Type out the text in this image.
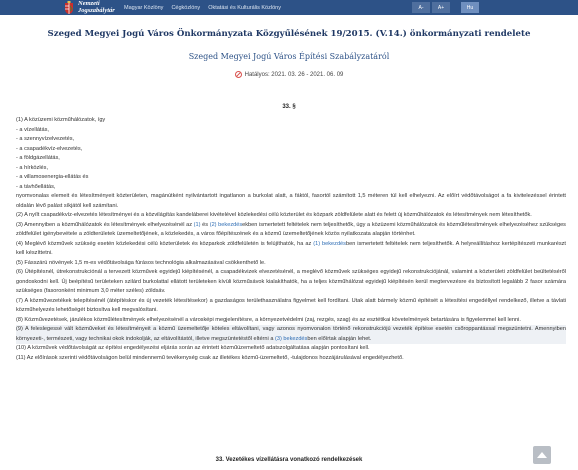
Nemzeti
Jogszabálytár Magyar Közlöny Cégközlöny Oktatási és Kulturális Közlöny	A-	A+	Hu
Szeged Megyei Jogú Város Önkormányzata Közgyűlésének 19/2015. (V.14.) önkormányzati rendelete
Szeged Megyei Jogú Város Építési Szabályzatáról
Hatályos: 2021. 03. 26 - 2021. 06. 09
33. §
(1) A közüzemi közműhálózatok, így
- a vízellátás,
- a szennyvízelvezetés,
- a csapadékvíz-elvezetés,
- a földgázellátás,
- a hírközlés,
- a villamosenergia-ellátás és
- a távhőellátás,
nyomvonalas elemeit és létesítményeit közterületen, magánútként nyilvántartott ingatlanon a burkolat alatt, a fáktól, fasortól számított 1,5 méteren túl kell elhelyezni. Az előírt védőtávolságot a fa kivitelezéssel érintett oldalán lévő palást síkjától kell számítani.
(2) A nyílt csapadékvíz-elvezetés létesítményei és a közvilágítás kandeláberei kivételével közlekedési célú közterület és közpark zöldfelülete alatt és felett új közműhálózatok és létesítmények nem létesíthetők.
(3) Amennyiben a közműhálózatok és létesítmények elhelyezésénél az (1) és (2) bekezdésekben ismertetett feltételek nem teljesíthetők, úgy a közüzemi közműhálózatok és közműlétesítmények elhelyezéséhez szükséges zöldfelület igénybevétele a zöldterületek üzemeltetőjének, a közlekedés, a város főépítészének és a közmű üzemeltetőjének közös nyilatkozata alapján történhet.
(4) Meglévő közművek szükség esetén közlekedési célú közterületek és közparkok zöldfelületén is felújíthatók, ha az (1) bekezdésben ismertetett feltételek nem teljesíthetők. A helyreállításhoz kertépítészeti munkarészt kell készíttetni.
(5) Fásszárú növények 1,5 m-es védőtávolsága fúrásos technológia alkalmazásával csökkenthető le.
(6) Útépítésnél, útrekonstrukciónál a tervezett közművek egyidejű kiépítésénél, a csapadékvizek elvezetésénél, a meglévő közművek szükséges egyidejű rekonstrukciójánál, valamint a közterületi zöldfelület beültetéséről gondoskodni kell. Új beépítésű területeken szilárd burkolattal ellátott területeken kívüli közműsávok kialakíthatók, ha a teljes közműhálózat egyidejű kiépítésén kerül megtervezésre és biztosított legalább 2 fasor számára szükséges (fasoronként minimum 3,0 méter széles) zöldsáv.
(7) A közművezetékek telepítésénél (átépítéskor és új vezeték létesítésekor) a gazdaságos területhasználatra figyelmet kell fordítani. Utak alatt bármely közmű építését a létesítési engedéllyel rendelkező, illetve a távlati közműhelyezés lehetőségét biztosítva kell megvalósítani.
(8) Közművezetések, járulékos közműlétesítmények elhelyezésénél a városképi megjelenítésre, a környezetvédelmi (zaj, rezgés, szag) és az esztétikai követelmények betartására is figyelemmel kell lenni.
(9) A feleslegessé vált közműveket és létesítményeit a közmű üzemeltetője köteles eltávolítani, vagy azonos nyomvonalon történő rekonstrukciójú vezeték építése esetén csőroppantással megszüntetni. Amennyiben környezeti-, természeti, vagy technikai okok indokolják, az eltávolítástól, illetve megszüntetéstől eltérni a (3) bekezdésben előírtak alapján lehet.
(10) A közművek védőtávolságát az építési engedélyezési eljárás során az érintett közműüzemeltető adatszolgáltatása alapján pontosítani kell.
(11) Az előírások szerinti védőtávolságon belül mindennemű tevékenység csak az illetékes közmű-üzemeltető, -tulajdonos hozzájárulásával engedélyezhető.
33. Vezetékes vízellátásra vonatkozó rendelkezések
